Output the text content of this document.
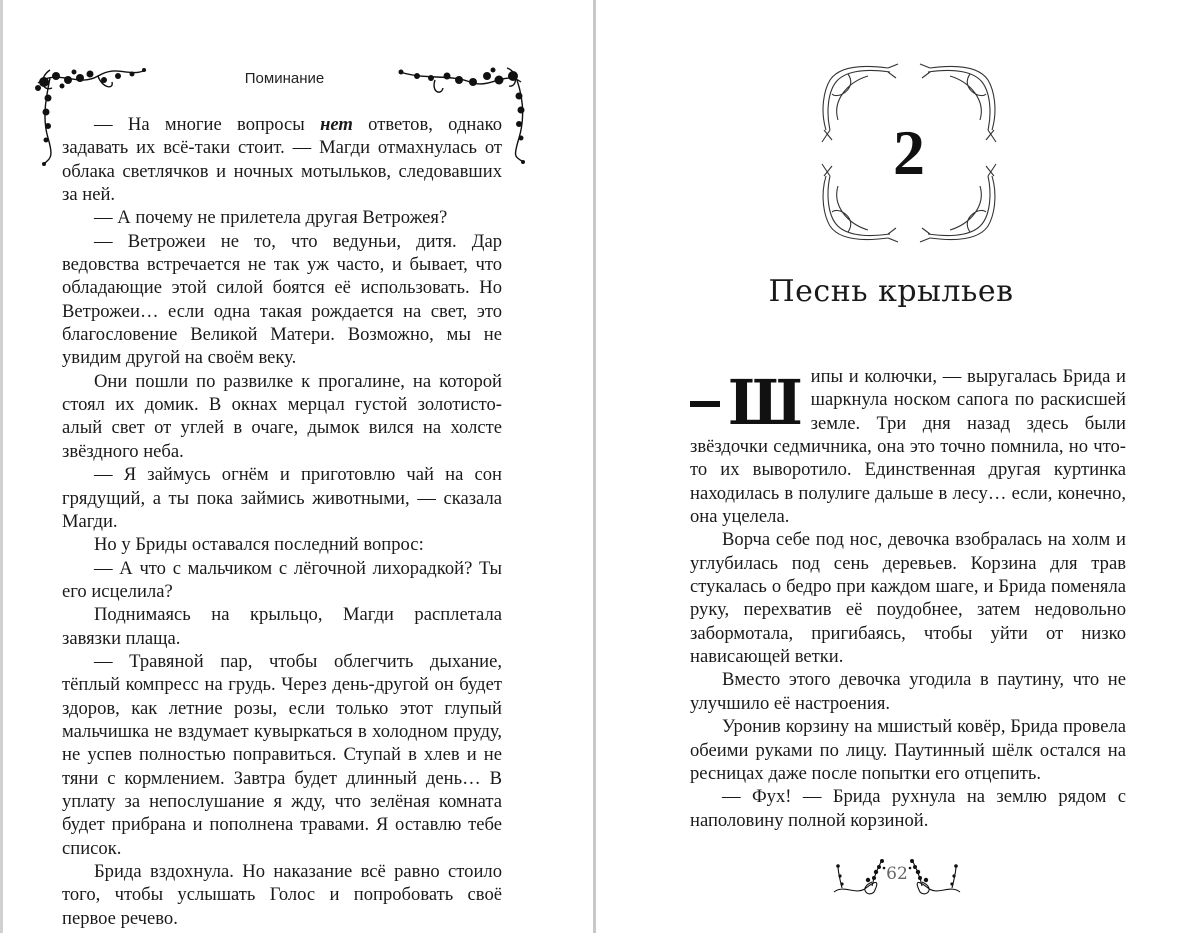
Поминание

— На многие вопросы нет ответов, однако задавать их всё-таки стоит. — Магди отмахнулась от облака светлячков и ночных мотыльков, следовавших за ней.

— А почему не прилетела другая Ветрожея?

— Ветрожеи не то, что ведуньи, дитя. Дар ведовства встречается не так уж часто, и бывает, что обладающие этой силой боятся её использовать. Но Ветрожеи… если одна такая рождается на свет, это благословение Великой Матери. Возможно, мы не увидим другой на своём веку.

Они пошли по развилке к прогалине, на которой стоял их домик. В окнах мерцал густой золотисто-алый свет от углей в очаге, дымок вился на холсте звёздного неба.

— Я займусь огнём и приготовлю чай на сон грядущий, а ты пока займись животными, — сказала Магди.

Но у Бриды оставался последний вопрос:

— А что с мальчиком с лёгочной лихорадкой? Ты его исцелила?

Поднимаясь на крыльцо, Магди расплетала завязки плаща.

— Травяной пар, чтобы облегчить дыхание, тёплый компресс на грудь. Через день-другой он будет здоров, как летние розы, если только этот глупый мальчишка не вздумает кувыркаться в холодном пруду, не успев полностью поправиться. Ступай в хлев и не тяни с кормлением. Завтра будет длинный день… В уплату за непослушание я жду, что зелёная комната будет прибрана и пополнена травами. Я оставлю тебе список.

Брида вздохнула. Но наказание всё равно стоило того, чтобы услышать Голос и попробовать своё первое речево.

2
Песнь крыльев

Ш ипы и колючки, — выругалась Брида и шаркнула носком сапога по раскисшей земле. Три дня назад здесь были звёздочки седмичника, она это точно помнила, но что-то их выворотило. Единственная другая куртинка находилась в полулиге дальше в лесу… если, конечно, она уцелела.

Ворча себе под нос, девочка взобралась на холм и углубилась под сень деревьев. Корзина для трав стукалась о бедро при каждом шаге, и Брида поменяла руку, перехватив её поудобнее, затем недовольно забормотала, пригибаясь, чтобы уйти от низко нависающей ветки.

Вместо этого девочка угодила в паутину, что не улучшило её настроения.

Уронив корзину на мшистый ковёр, Брида провела обеими руками по лицу. Паутинный шёлк остался на ресницах даже после попытки его отцепить.

— Фух! — Брида рухнула на землю рядом с наполовину полной корзиной.

62
